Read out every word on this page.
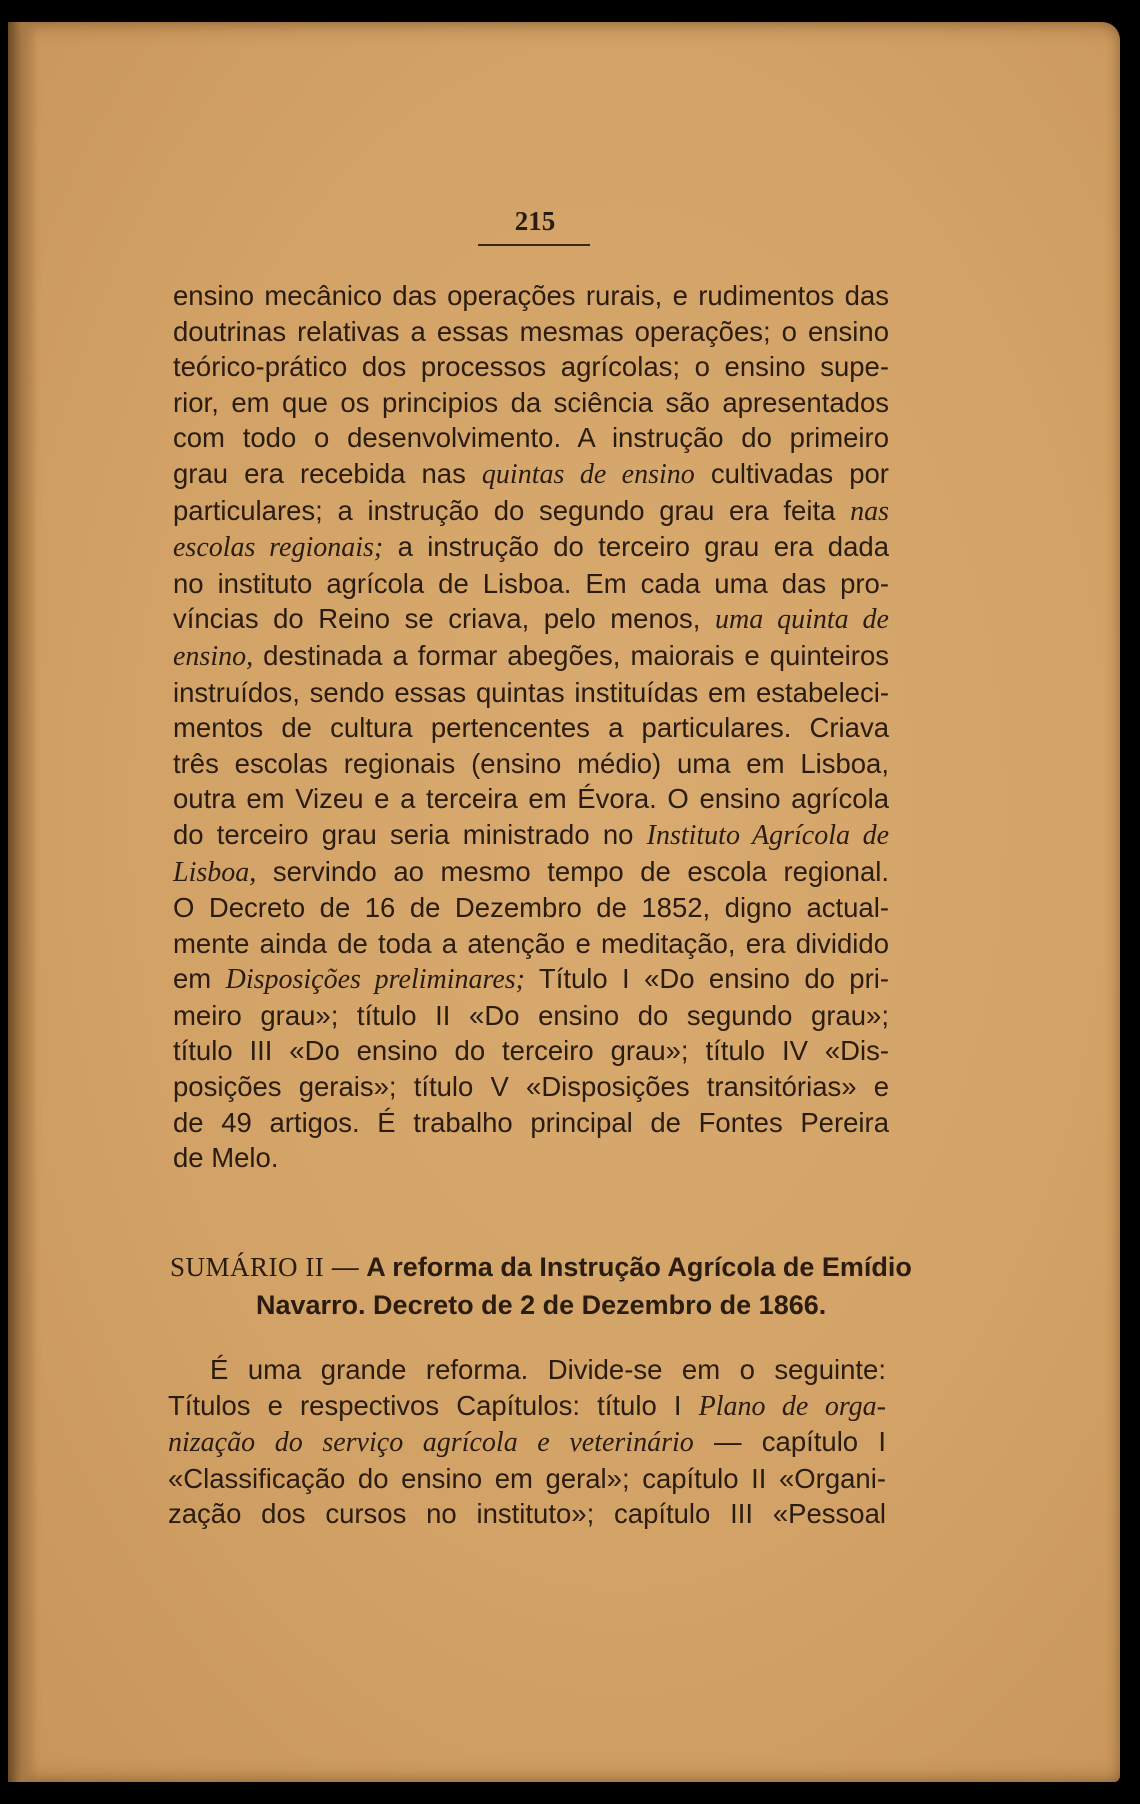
215
ensino mecânico das operações rurais, e rudimentos das
doutrinas relativas a essas mesmas operações; o ensino
teórico-prático dos processos agrícolas; o ensino supe-
rior, em que os principios da sciência são apresentados
com todo o desenvolvimento. A instrução do primeiro
grau era recebida nas quintas de ensino cultivadas por
particulares; a instrução do segundo grau era feita nas
escolas regionais; a instrução do terceiro grau era dada
no instituto agrícola de Lisboa. Em cada uma das pro-
víncias do Reino se criava, pelo menos, uma quinta de
ensino, destinada a formar abegões, maiorais e quinteiros
instruídos, sendo essas quintas instituídas em estabeleci-
mentos de cultura pertencentes a particulares. Criava
três escolas regionais (ensino médio) uma em Lisboa,
outra em Vizeu e a terceira em Évora. O ensino agrícola
do terceiro grau seria ministrado no Instituto Agrícola de
Lisboa, servindo ao mesmo tempo de escola regional.
O Decreto de 16 de Dezembro de 1852, digno actual-
mente ainda de toda a atenção e meditação, era dividido
em Disposições preliminares; Título I «Do ensino do pri-
meiro grau»; título II «Do ensino do segundo grau»;
título III «Do ensino do terceiro grau»; título IV «Dis-
posições gerais»; título V «Disposições transitórias» e
de 49 artigos. É trabalho principal de Fontes Pereira
de Melo.
SUMÁRIO II — A reforma da Instrução Agrícola de Emídio
Navarro. Decreto de 2 de Dezembro de 1866.
É uma grande reforma. Divide-se em o seguinte:
Títulos e respectivos Capítulos: título I Plano de orga-
nização do serviço agrícola e veterinário — capítulo I
«Classificação do ensino em geral»; capítulo II «Organi-
zação dos cursos no instituto»; capítulo III «Pessoal
